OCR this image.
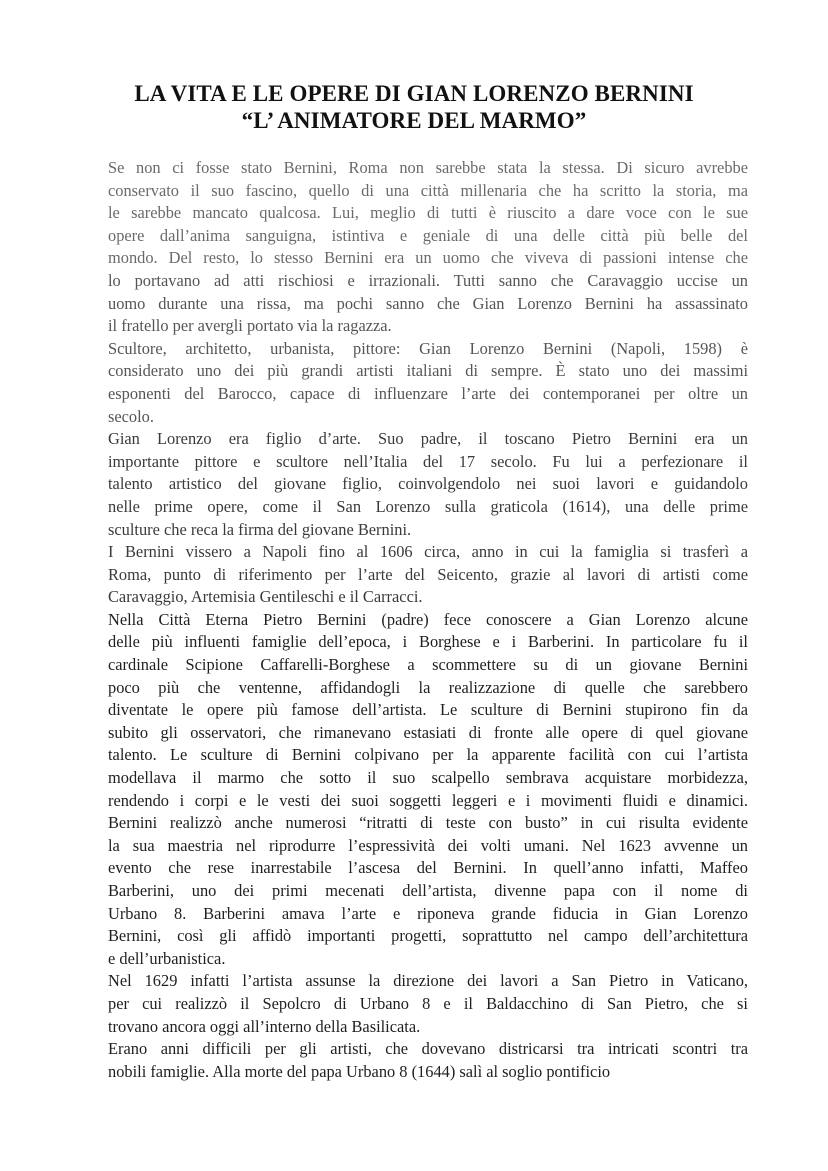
LA VITA E LE OPERE DI GIAN LORENZO BERNINI
“L’ ANIMATORE DEL MARMO”
Se non ci fosse stato Bernini, Roma non sarebbe stata la stessa. Di sicuro avrebbe
conservato il suo fascino, quello di una città millenaria che ha scritto la storia, ma
le sarebbe mancato qualcosa. Lui, meglio di tutti è riuscito a dare voce con le sue
opere dall’anima sanguigna, istintiva e geniale di una delle città più belle del
mondo. Del resto, lo stesso Bernini era un uomo che viveva di passioni intense che
lo portavano ad atti rischiosi e irrazionali. Tutti sanno che Caravaggio uccise un
uomo durante una rissa, ma pochi sanno che Gian Lorenzo Bernini ha assassinato
il fratello per avergli portato via la ragazza.
Scultore, architetto, urbanista, pittore: Gian Lorenzo Bernini (Napoli, 1598) è
considerato uno dei più grandi artisti italiani di sempre. È stato uno dei massimi
esponenti del Barocco, capace di influenzare l’arte dei contemporanei per oltre un
secolo.
Gian Lorenzo era figlio d’arte. Suo padre, il toscano Pietro Bernini era un
importante pittore e scultore nell’Italia del 17 secolo. Fu lui a perfezionare il
talento artistico del giovane figlio, coinvolgendolo nei suoi lavori e guidandolo
nelle prime opere, come il San Lorenzo sulla graticola (1614), una delle prime
sculture che reca la firma del giovane Bernini.
I Bernini vissero a Napoli fino al 1606 circa, anno in cui la famiglia si trasferì a
Roma, punto di riferimento per l’arte del Seicento, grazie al lavori di artisti come
Caravaggio, Artemisia Gentileschi e il Carracci.
Nella Città Eterna Pietro Bernini (padre) fece conoscere a Gian Lorenzo alcune
delle più influenti famiglie dell’epoca, i Borghese e i Barberini. In particolare fu il
cardinale Scipione Caffarelli-Borghese a scommettere su di un giovane Bernini
poco più che ventenne, affidandogli la realizzazione di quelle che sarebbero
diventate le opere più famose dell’artista. Le sculture di Bernini stupirono fin da
subito gli osservatori, che rimanevano estasiati di fronte alle opere di quel giovane
talento. Le sculture di Bernini colpivano per la apparente facilità con cui l’artista
modellava il marmo che sotto il suo scalpello sembrava acquistare morbidezza,
rendendo i corpi e le vesti dei suoi soggetti leggeri e i movimenti fluidi e dinamici.
Bernini realizzò anche numerosi “ritratti di teste con busto” in cui risulta evidente
la sua maestria nel riprodurre l’espressività dei volti umani. Nel 1623 avvenne un
evento che rese inarrestabile l’ascesa del Bernini. In quell’anno infatti, Maffeo
Barberini, uno dei primi mecenati dell’artista, divenne papa con il nome di
Urbano 8. Barberini amava l’arte e riponeva grande fiducia in Gian Lorenzo
Bernini, così gli affidò importanti progetti, soprattutto nel campo dell’architettura
e dell’urbanistica.
Nel 1629 infatti l’artista assunse la direzione dei lavori a San Pietro in Vaticano,
per cui realizzò il Sepolcro di Urbano 8 e il Baldacchino di San Pietro, che si
trovano ancora oggi all’interno della Basilicata.
Erano anni difficili per gli artisti, che dovevano districarsi tra intricati scontri tra
nobili famiglie. Alla morte del papa Urbano 8 (1644) salì al soglio pontificio
